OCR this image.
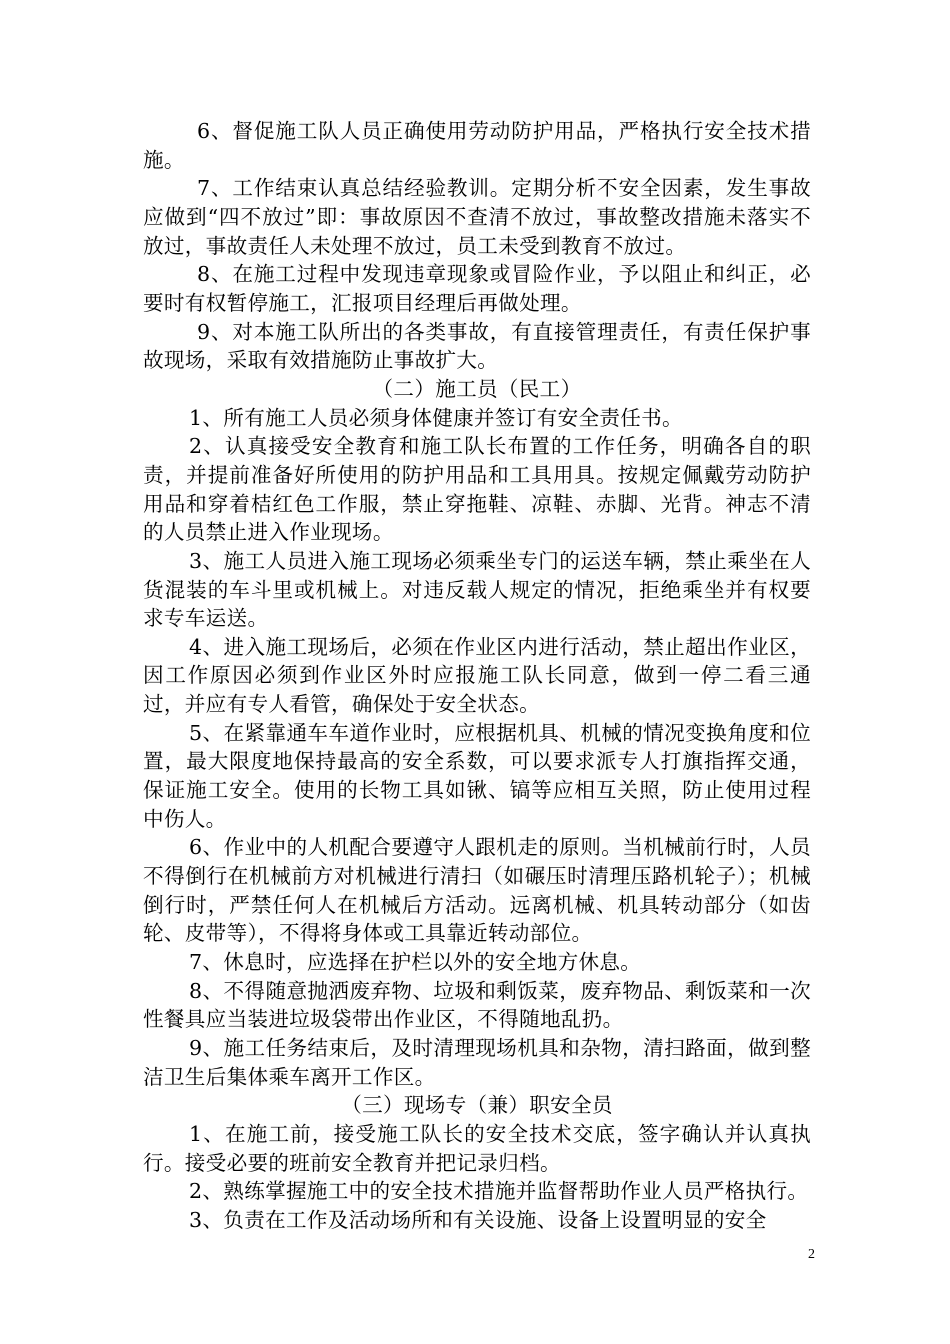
6、督促施工队人员正确使用劳动防护用品，严格执行安全技术措施。

7、工作结束认真总结经验教训。定期分析不安全因素，发生事故应做到“四不放过”即：事故原因不查清不放过，事故整改措施未落实不放过，事故责任人未处理不放过，员工未受到教育不放过。

8、在施工过程中发现违章现象或冒险作业，予以阻止和纠正，必要时有权暂停施工，汇报项目经理后再做处理。

9、对本施工队所出的各类事故，有直接管理责任，有责任保护事故现场，采取有效措施防止事故扩大。

（二）施工员（民工）

1、所有施工人员必须身体健康并签订有安全责任书。

2、认真接受安全教育和施工队长布置的工作任务，明确各自的职责，并提前准备好所使用的防护用品和工具用具。按规定佩戴劳动防护用品和穿着桔红色工作服，禁止穿拖鞋、凉鞋、赤脚、光背。神志不清的人员禁止进入作业现场。

3、施工人员进入施工现场必须乘坐专门的运送车辆，禁止乘坐在人货混装的车斗里或机械上。对违反载人规定的情况，拒绝乘坐并有权要求专车运送。

4、进入施工现场后，必须在作业区内进行活动，禁止超出作业区，因工作原因必须到作业区外时应报施工队长同意，做到一停二看三通过，并应有专人看管，确保处于安全状态。

5、在紧靠通车车道作业时，应根据机具、机械的情况变换角度和位置，最大限度地保持最高的安全系数，可以要求派专人打旗指挥交通，保证施工安全。使用的长物工具如锹、镐等应相互关照，防止使用过程中伤人。

6、作业中的人机配合要遵守人跟机走的原则。当机械前行时，人员不得倒行在机械前方对机械进行清扫（如碾压时清理压路机轮子）；机械倒行时，严禁任何人在机械后方活动。远离机械、机具转动部分（如齿轮、皮带等），不得将身体或工具靠近转动部位。

7、休息时，应选择在护栏以外的安全地方休息。

8、不得随意抛洒废弃物、垃圾和剩饭菜，废弃物品、剩饭菜和一次性餐具应当装进垃圾袋带出作业区，不得随地乱扔。

9、施工任务结束后，及时清理现场机具和杂物，清扫路面，做到整洁卫生后集体乘车离开工作区。

（三）现场专（兼）职安全员

1、在施工前，接受施工队长的安全技术交底，签字确认并认真执行。接受必要的班前安全教育并把记录归档。

2、熟练掌握施工中的安全技术措施并监督帮助作业人员严格执行。

3、负责在工作及活动场所和有关设施、设备上设置明显的安全

2
